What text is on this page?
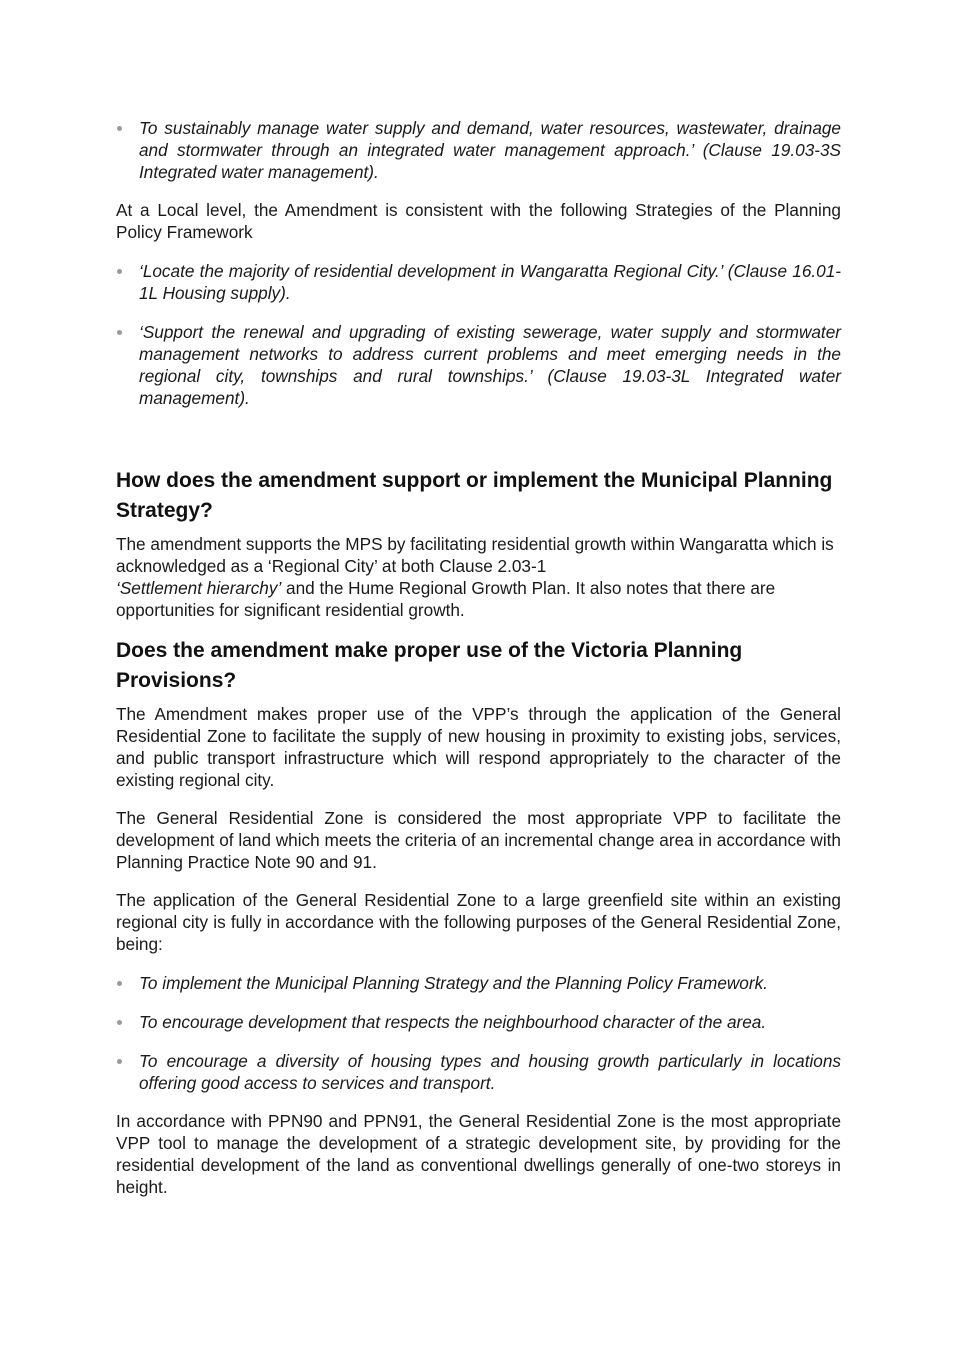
To sustainably manage water supply and demand, water resources, wastewater, drainage and stormwater through an integrated water management approach.’ (Clause 19.03-3S Integrated water management).

At a Local level, the Amendment is consistent with the following Strategies of the Planning Policy Framework

‘Locate the majority of residential development in Wangaratta Regional City.’ (Clause 16.01-1L Housing supply).
‘Support the renewal and upgrading of existing sewerage, water supply and stormwater management networks to address current problems and meet emerging needs in the regional city, townships and rural townships.’ (Clause 19.03-3L Integrated water management).
How does the amendment support or implement the Municipal Planning Strategy?

The amendment supports the MPS by facilitating residential growth within Wangaratta which is acknowledged as a ‘Regional City’ at both Clause 2.03-1
‘Settlement hierarchy’ and the Hume Regional Growth Plan. It also notes that there are opportunities for significant residential growth.

Does the amendment make proper use of the Victoria Planning Provisions?

The Amendment makes proper use of the VPP’s through the application of the General Residential Zone to facilitate the supply of new housing in proximity to existing jobs, services, and public transport infrastructure which will respond appropriately to the character of the existing regional city.

The General Residential Zone is considered the most appropriate VPP to facilitate the development of land which meets the criteria of an incremental change area in accordance with Planning Practice Note 90 and 91.

The application of the General Residential Zone to a large greenfield site within an existing regional city is fully in accordance with the following purposes of the General Residential Zone, being:

To implement the Municipal Planning Strategy and the Planning Policy Framework.
To encourage development that respects the neighbourhood character of the area.
To encourage a diversity of housing types and housing growth particularly in locations offering good access to services and transport.

In accordance with PPN90 and PPN91, the General Residential Zone is the most appropriate VPP tool to manage the development of a strategic development site, by providing for the residential development of the land as conventional dwellings generally of one-two storeys in height.
